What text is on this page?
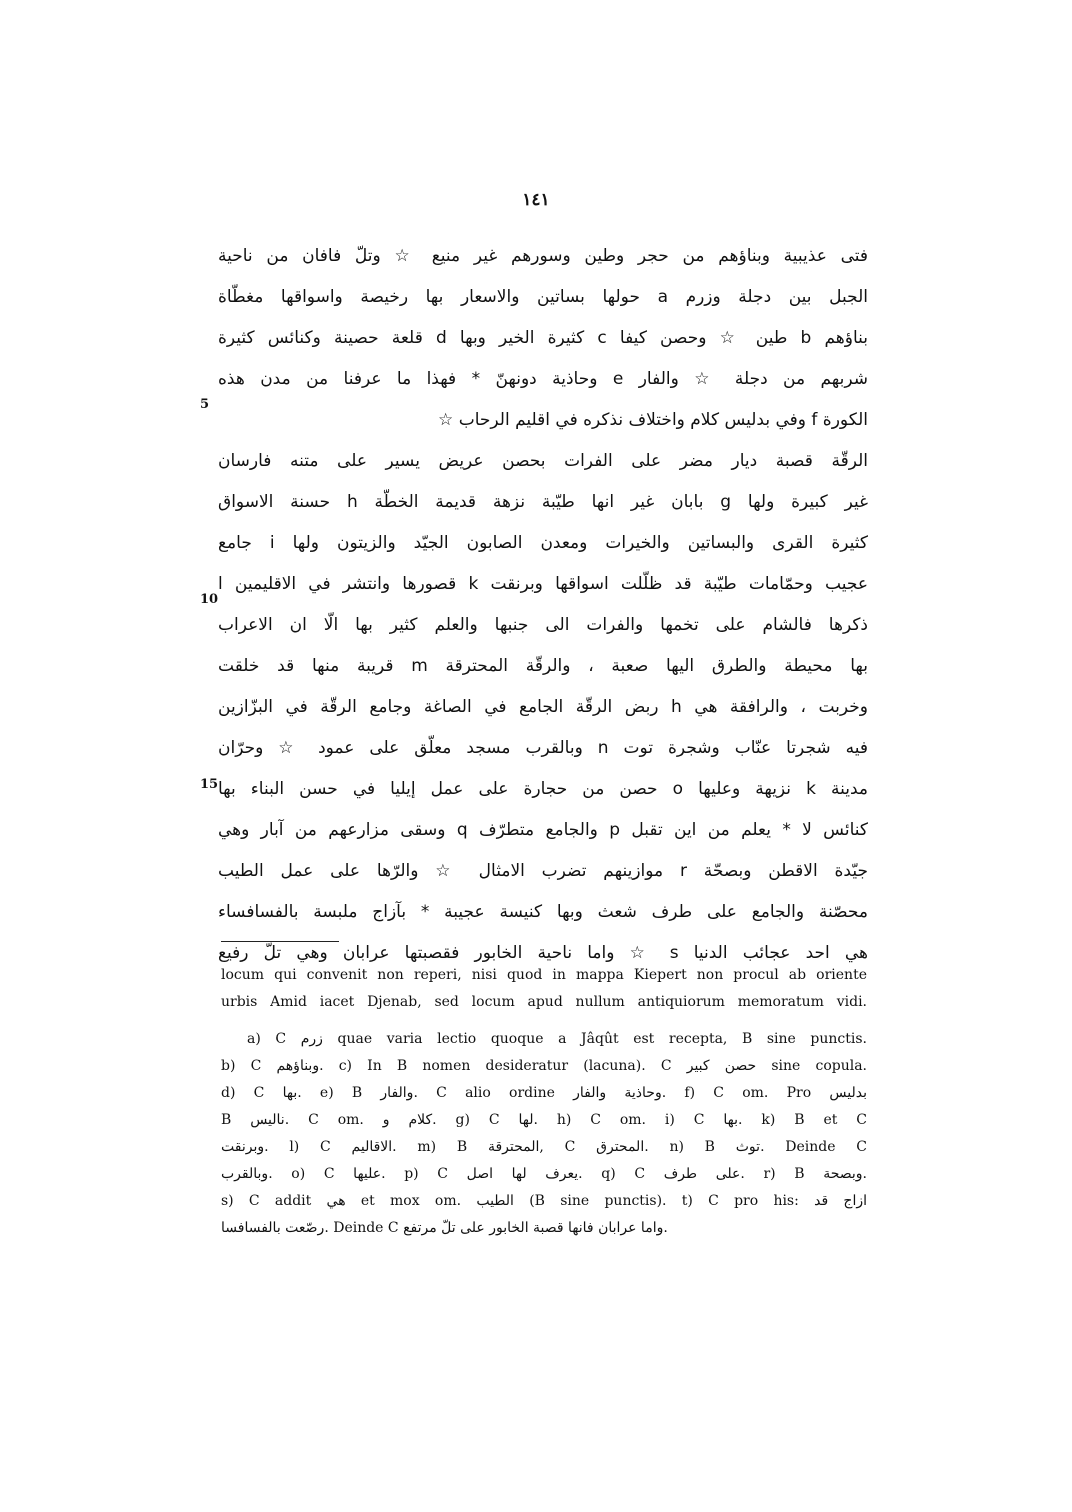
١٤١
فتى عذيبية وبناؤهم من حجر وطين وسورهم غير منيع ☆ وتلّ فافان من ناحية
الجبل بين دجلة وزرم a حولها بساتين والاسعار بها رخيصة واسواقها مغطّاة
بناؤهم b طين ☆ وحصن كيفا c كثيرة الخير وبها d قلعة حصينة وكنائس كثيرة
شربهم من دجلة ☆ والفار e وحاذية دونهنّ * فهذا ما عرفنا من مدن هذه
الكورة f وفي بدليس كلام واختلاف نذكره في اقليم الرحاب ☆
الرقّة قصبة ديار مضر على الفرات بحصن عريض يسير على متنه فارسان
غير كبيرة ولها g بابان غير انها طيّبة نزهة قديمة الخطّة h حسنة الاسواق
كثيرة القرى والبساتين والخيرات ومعدن الصابون الجيّد والزيتون ولها i جامع
عجيب وحمّامات طيّبة قد ظلّلت اسواقها وبرنقت k قصورها وانتشر في الاقليمين l
ذكرها فالشام على تخمها والفرات الى جنبها والعلم كثير بها الّا ان الاعراب
بها محيطة والطرق اليها صعبة ، والرقّة المحترقة m قريبة منها قد خلقت
وخربت ، والرافقة هي h ربض الرقّة الجامع في الصاغة وجامع الرقّة في البزّازين
فيه شجرتا عنّاب وشجرة توت n وبالقرب مسجد معلّق على عمود ☆ وحرّان
مدينة k نزيهة وعليها o حصن من حجارة على عمل إيليا في حسن البناء بها
كنائس لا * يعلم من اين تقبل p والجامع متطرّف q وسقى مزارعهم من آبار وهي
جيّدة الاقطن وبصحّة r موازينهم تضرب الامثال ☆ والرّها على عمل الطيب
محصّنة والجامع على طرف شعث وبها كنيسة عجيبة * بآزاج ملبسة بالفسافساء
هي احد عجائب الدنيا s ☆ واما ناحية الخابور فقصبتها عرابان وهي تلّ رفيع
5
10
15
locum qui convenit non reperi, nisi quod in mappa Kiepert non procul ab oriente
urbis Amid iacet Djenab, sed locum apud nullum antiquiorum memoratum vidi.
a) C زرم quae varia lectio quoque a Jâqût est recepta, B sine punctis.
b) C وبناؤهم. c) In B nomen desideratur (lacuna). C حصن كبير sine copula.
d) C بها. e) B والفار. C alio ordine وحاذية والفار. f) C om. Pro بدليس
B ناليس. C om. كلام و. g) C لها. h) C om. i) C بها. k) B et C
وبرنقت. l) C الاقاليم. m) B المحترقة, C المحترق. n) B توث. Deinde C
وبالقرب. o) C عليها. p) C يعرف لها اصل. q) C على طرف. r) B وبصحة.
s) C addit هي et mox om. الطيب (B sine punctis). t) C pro his: ازاج قد
رصّعت بالفسافسا. Deinde C واما عرابان فانها قصبة الخابور على تلّ مرتفع.
